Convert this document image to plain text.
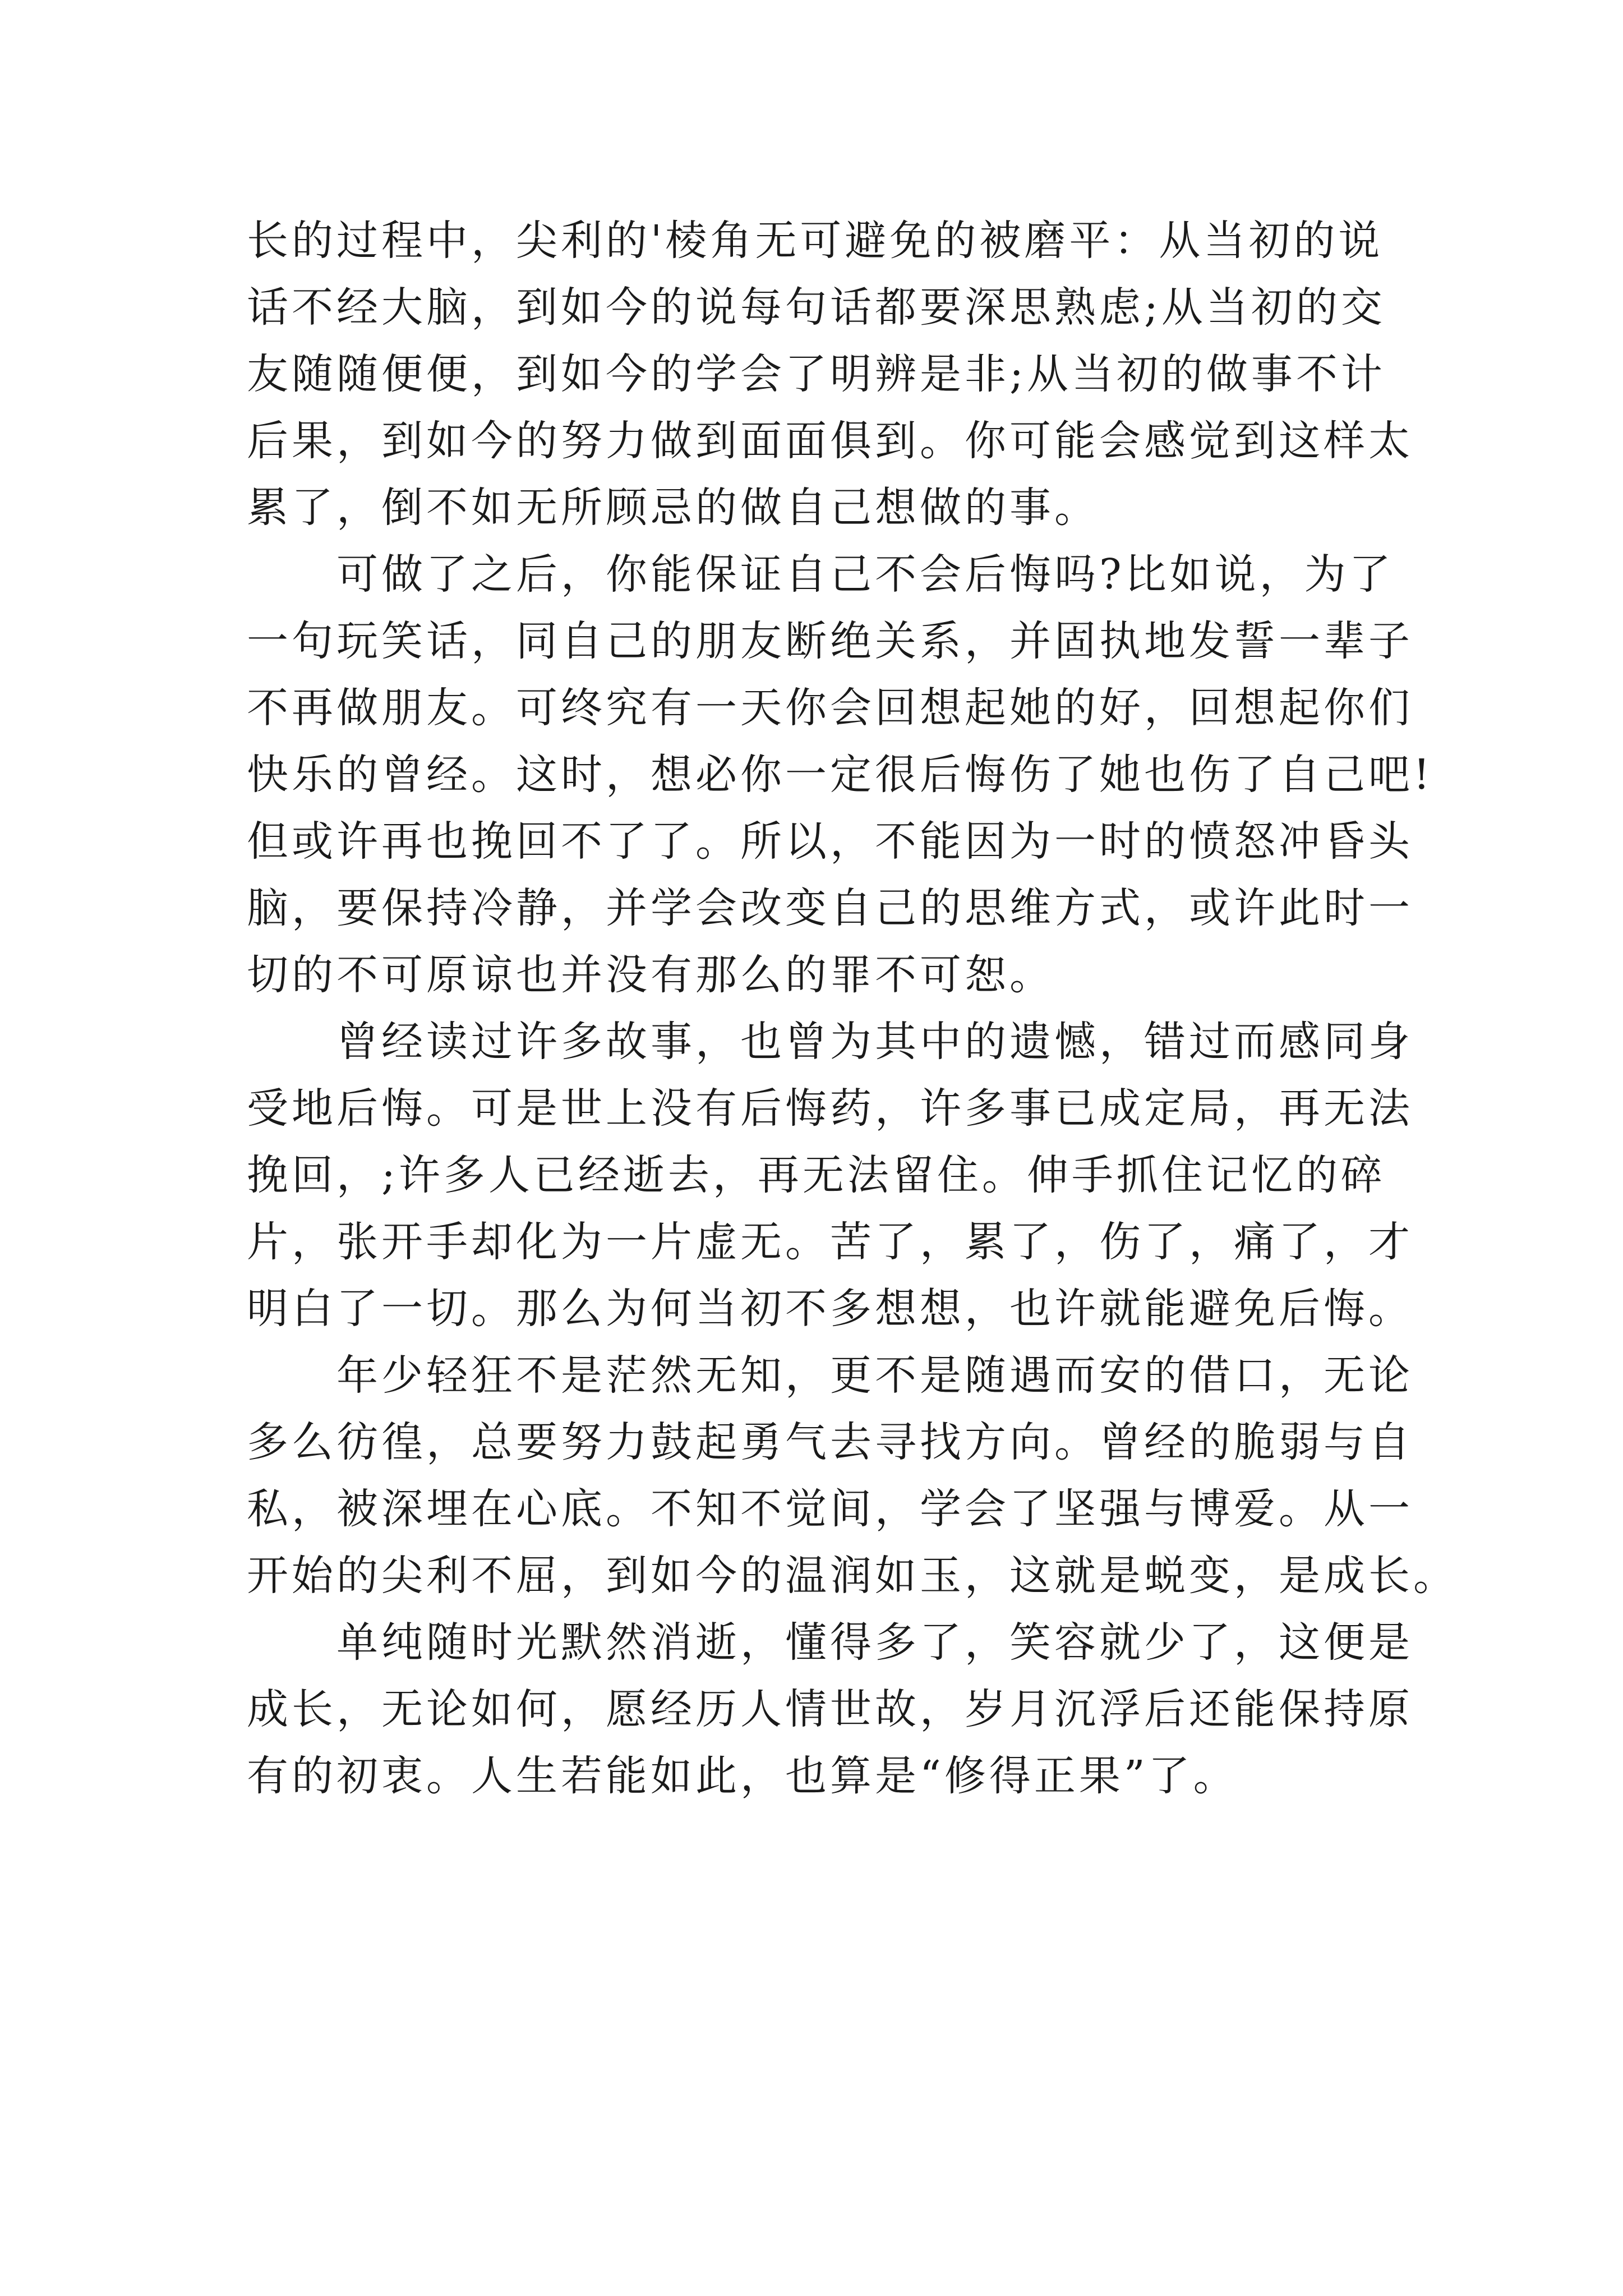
长的过程中，尖利的'棱角无可避免的被磨平：从当初的说
话不经大脑，到如今的说每句话都要深思熟虑;从当初的交
友随随便便，到如今的学会了明辨是非;从当初的做事不计
后果，到如今的努力做到面面俱到。你可能会感觉到这样太
累了，倒不如无所顾忌的做自己想做的事。
　　可做了之后，你能保证自己不会后悔吗?比如说，为了
一句玩笑话，同自己的朋友断绝关系，并固执地发誓一辈子
不再做朋友。可终究有一天你会回想起她的好，回想起你们
快乐的曾经。这时，想必你一定很后悔伤了她也伤了自己吧!
但或许再也挽回不了了。所以，不能因为一时的愤怒冲昏头
脑，要保持冷静，并学会改变自己的思维方式，或许此时一
切的不可原谅也并没有那么的罪不可恕。
　　曾经读过许多故事，也曾为其中的遗憾，错过而感同身
受地后悔。可是世上没有后悔药，许多事已成定局，再无法
挽回，;许多人已经逝去，再无法留住。伸手抓住记忆的碎
片，张开手却化为一片虚无。苦了，累了，伤了，痛了，才
明白了一切。那么为何当初不多想想，也许就能避免后悔。
　　年少轻狂不是茫然无知，更不是随遇而安的借口，无论
多么彷徨，总要努力鼓起勇气去寻找方向。曾经的脆弱与自
私，被深埋在心底。不知不觉间，学会了坚强与博爱。从一
开始的尖利不屈，到如今的温润如玉，这就是蜕变，是成长。
　　单纯随时光默然消逝，懂得多了，笑容就少了，这便是
成长，无论如何，愿经历人情世故，岁月沉浮后还能保持原
有的初衷。人生若能如此，也算是“修得正果”了。
